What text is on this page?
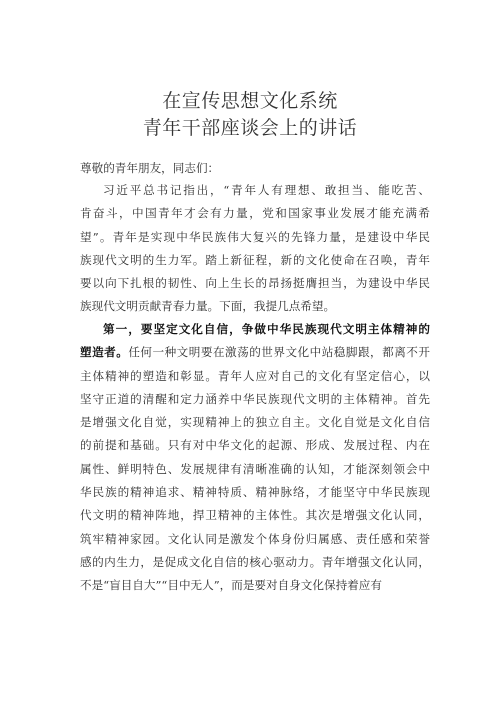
在宣传思想文化系统
青年干部座谈会上的讲话
尊敬的青年朋友，同志们：
习近平总书记指出，“青年人有理想、敢担当、能吃苦、
肯奋斗，中国青年才会有力量，党和国家事业发展才能充满希
望”。青年是实现中华民族伟大复兴的先锋力量，是建设中华民
族现代文明的生力军。踏上新征程，新的文化使命在召唤，青年
要以向下扎根的韧性、向上生长的昂扬挺膺担当，为建设中华民
族现代文明贡献青春力量。下面，我提几点希望。
第一，要坚定文化自信，争做中华民族现代文明主体精神的
塑造者。任何一种文明要在激荡的世界文化中站稳脚跟，都离不开
主体精神的塑造和彰显。青年人应对自己的文化有坚定信心，以
坚守正道的清醒和定力涵养中华民族现代文明的主体精神。首先
是增强文化自觉，实现精神上的独立自主。文化自觉是文化自信
的前提和基础。只有对中华文化的起源、形成、发展过程、内在
属性、鲜明特色、发展规律有清晰准确的认知，才能深刻领会中
华民族的精神追求、精神特质、精神脉络，才能坚守中华民族现
代文明的精神阵地，捍卫精神的主体性。其次是增强文化认同，
筑牢精神家园。文化认同是激发个体身份归属感、责任感和荣誉
感的内生力，是促成文化自信的核心驱动力。青年增强文化认同，
不是“盲目自大”“目中无人”，而是要对自身文化保持着应有
